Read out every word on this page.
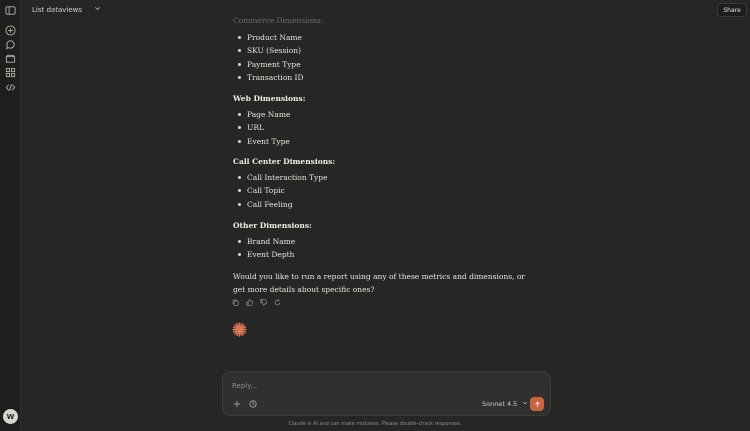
W
List dataviews	Share
Commerce Dimensions:
Product Name
SKU (Session)
Payment Type
Transaction ID
Web Dimensions:
Page Name
URL
Event Type
Call Center Dimensions:
Call Interaction Type
Call Topic
Call Feeling
Other Dimensions:
Brand Name
Event Depth
Would you like to run a report using any of these metrics and dimensions, or get more details about specific ones?
Reply...
Sonnet 4.5
Claude is AI and can make mistakes. Please double-check responses.
